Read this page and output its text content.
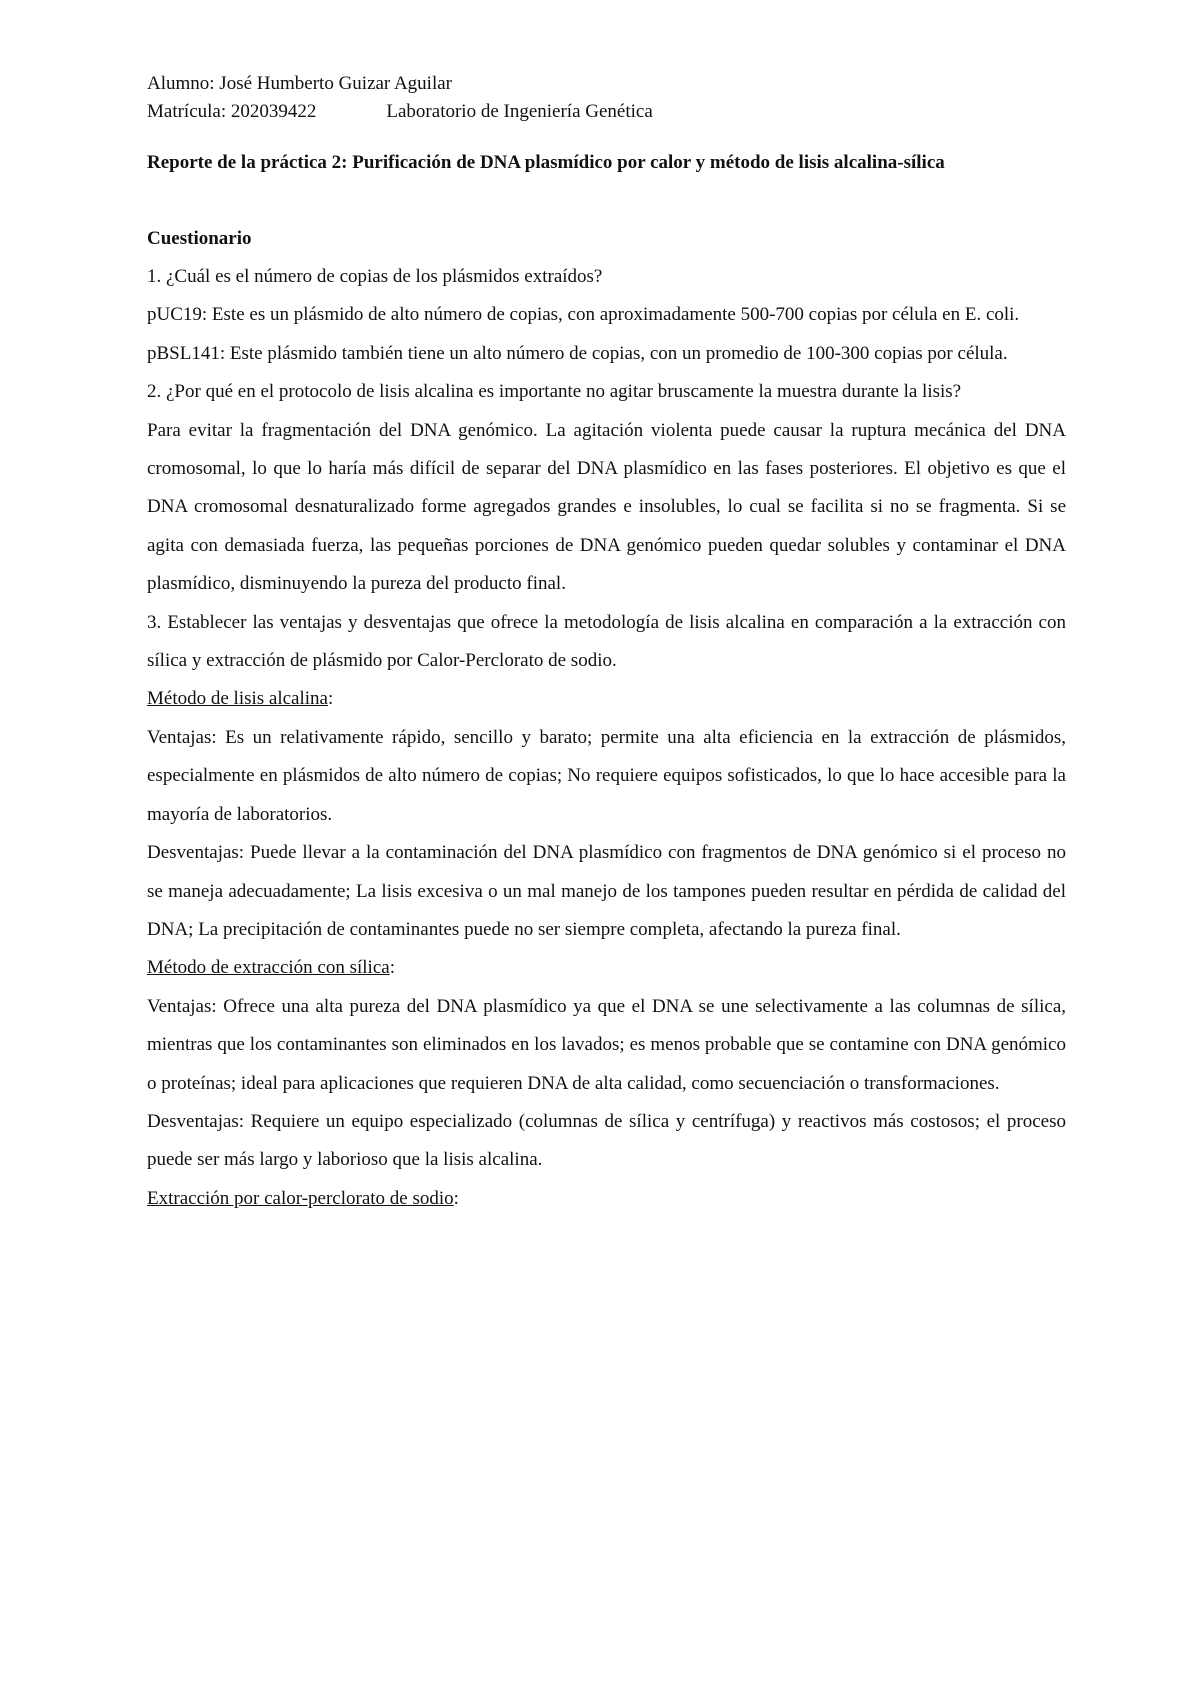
Alumno: José Humberto Guizar Aguilar

Matrícula: 202039422	Laboratorio de Ingeniería Genética

Reporte de la práctica 2: Purificación de DNA plasmídico por calor y método de lisis alcalina-sílica

Cuestionario

1. ¿Cuál es el número de copias de los plásmidos extraídos?

pUC19: Este es un plásmido de alto número de copias, con aproximadamente 500-700 copias por célula en E. coli.

pBSL141: Este plásmido también tiene un alto número de copias, con un promedio de 100-300 copias por célula.

2. ¿Por qué en el protocolo de lisis alcalina es importante no agitar bruscamente la muestra durante la lisis?

Para evitar la fragmentación del DNA genómico. La agitación violenta puede causar la ruptura mecánica del DNA cromosomal, lo que lo haría más difícil de separar del DNA plasmídico en las fases posteriores. El objetivo es que el DNA cromosomal desnaturalizado forme agregados grandes e insolubles, lo cual se facilita si no se fragmenta. Si se agita con demasiada fuerza, las pequeñas porciones de DNA genómico pueden quedar solubles y contaminar el DNA plasmídico, disminuyendo la pureza del producto final.

3. Establecer las ventajas y desventajas que ofrece la metodología de lisis alcalina en comparación a la extracción con sílica y extracción de plásmido por Calor-Perclorato de sodio.

Método de lisis alcalina:

Ventajas: Es un relativamente rápido, sencillo y barato; permite una alta eficiencia en la extracción de plásmidos, especialmente en plásmidos de alto número de copias; No requiere equipos sofisticados, lo que lo hace accesible para la mayoría de laboratorios.

Desventajas: Puede llevar a la contaminación del DNA plasmídico con fragmentos de DNA genómico si el proceso no se maneja adecuadamente; La lisis excesiva o un mal manejo de los tampones pueden resultar en pérdida de calidad del DNA; La precipitación de contaminantes puede no ser siempre completa, afectando la pureza final.

Método de extracción con sílica:

Ventajas: Ofrece una alta pureza del DNA plasmídico ya que el DNA se une selectivamente a las columnas de sílica, mientras que los contaminantes son eliminados en los lavados; es menos probable que se contamine con DNA genómico o proteínas; ideal para aplicaciones que requieren DNA de alta calidad, como secuenciación o transformaciones.

Desventajas: Requiere un equipo especializado (columnas de sílica y centrífuga) y reactivos más costosos; el proceso puede ser más largo y laborioso que la lisis alcalina.

Extracción por calor-perclorato de sodio:
